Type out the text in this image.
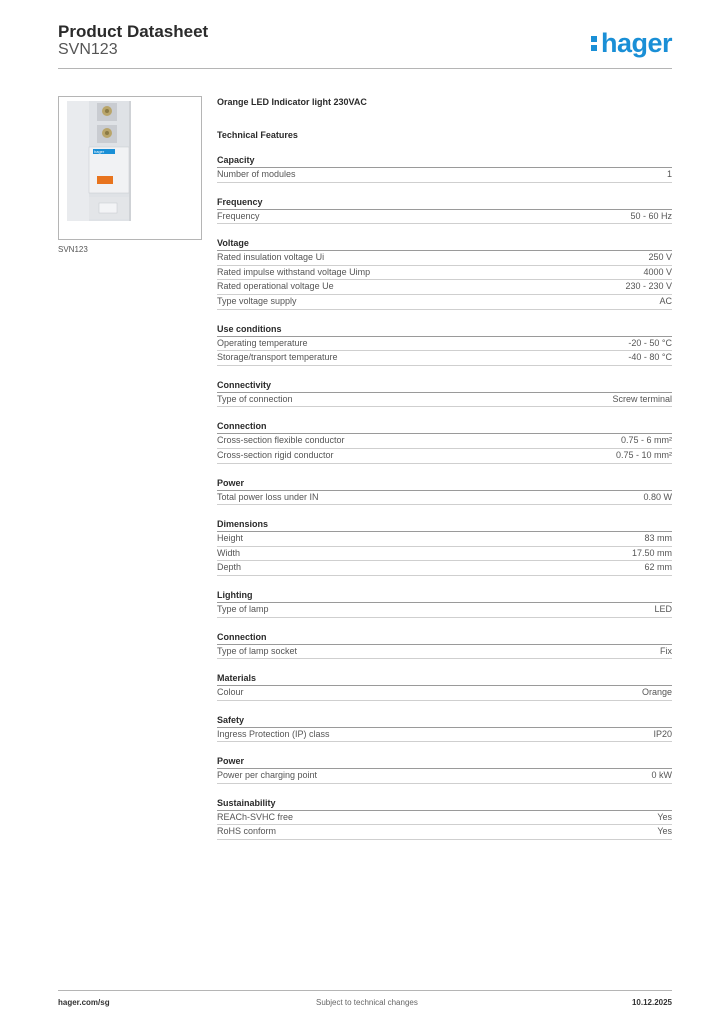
Product Datasheet
SVN123	hager
hager
SVN123
Orange LED Indicator light 230VAC
Technical Features
Capacity
Number of modules	1
Frequency
Frequency	50 - 60 Hz
Voltage
Rated insulation voltage Ui	250 V
Rated impulse withstand voltage Uimp	4000 V
Rated operational voltage Ue	230 - 230 V
Type voltage supply	AC
Use conditions
Operating temperature	-20 - 50 °C
Storage/transport temperature	-40 - 80 °C
Connectivity
Type of connection	Screw terminal
Connection
Cross-section flexible conductor	0.75 - 6 mm²
Cross-section rigid conductor	0.75 - 10 mm²
Power
Total power loss under IN	0.80 W
Dimensions
Height	83 mm
Width	17.50 mm
Depth	62 mm
Lighting
Type of lamp	LED
Connection
Type of lamp socket	Fix
Materials
Colour	Orange
Safety
Ingress Protection (IP) class	IP20
Power
Power per charging point	0 kW
Sustainability
REACh-SVHC free	Yes
RoHS conform	Yes
hager.com/sg	Subject to technical changes	10.12.2025
